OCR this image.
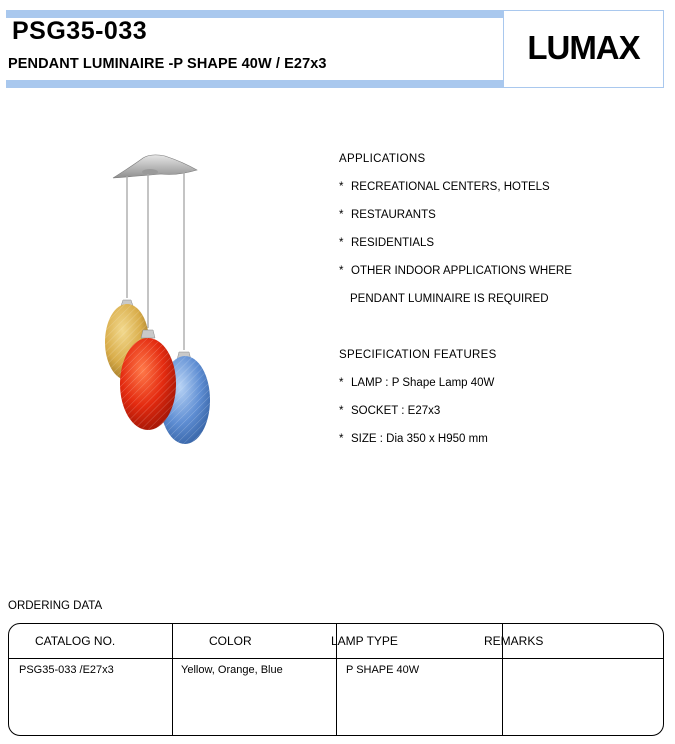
PSG35-033
PENDANT LUMINAIRE -P SHAPE 40W / E27x3	LUMAX
APPLICATIONS
* RECREATIONAL CENTERS, HOTELS
* RESTAURANTS
* RESIDENTIALS
* OTHER INDOOR APPLICATIONS WHERE
PENDANT LUMINAIRE IS REQUIRED
SPECIFICATION FEATURES
* LAMP : P Shape Lamp 40W
* SOCKET : E27x3
* SIZE : Dia 350 x H950 mm
ORDERING DATA
CATALOG NO.	COLOR	LAMP TYPE	REMARKS
PSG35-033 /E27x3	Yellow, Orange, Blue	P SHAPE 40W
